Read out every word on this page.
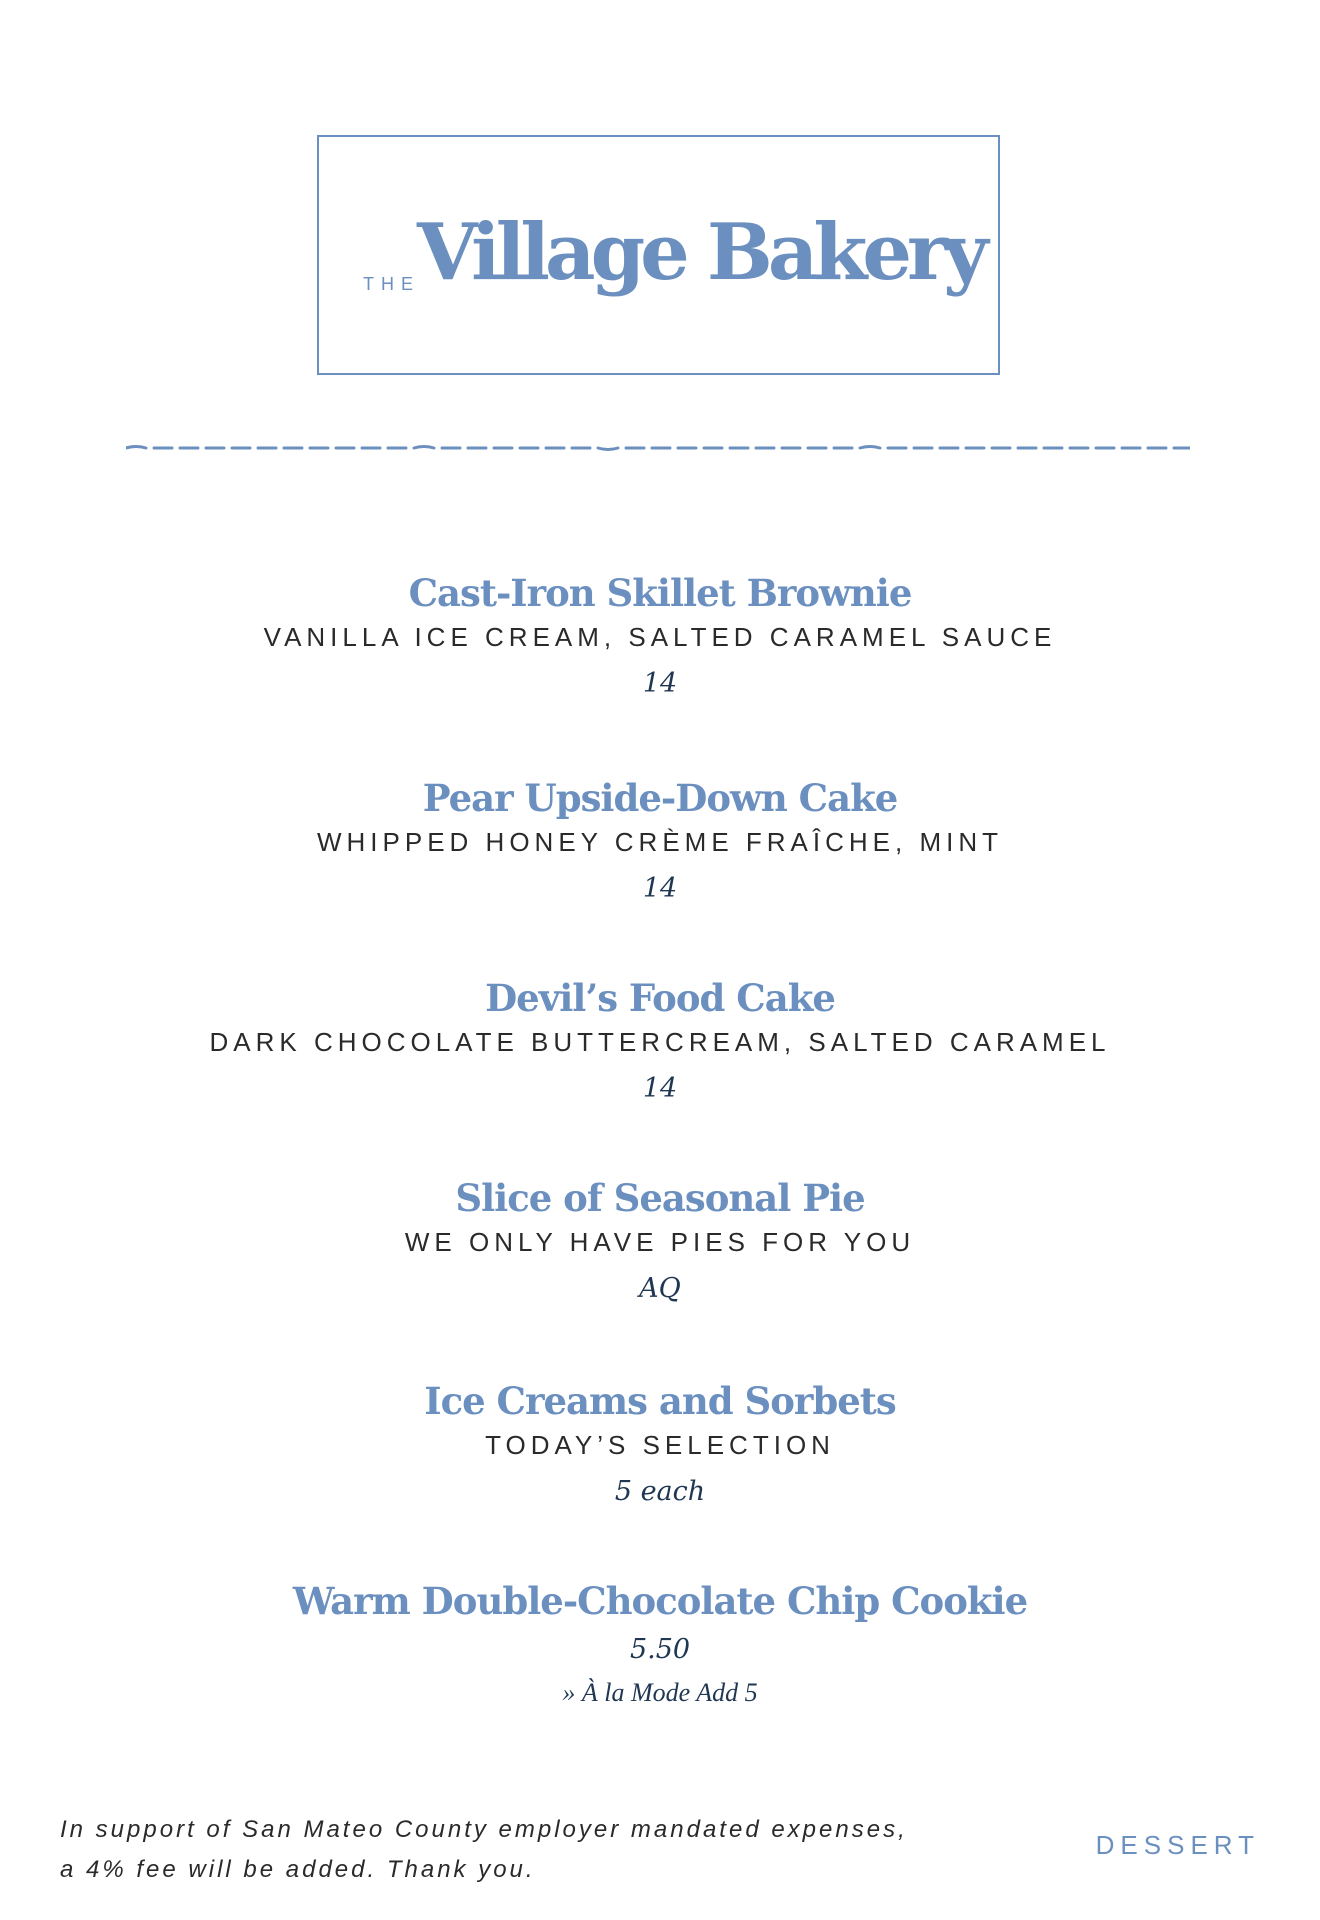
THE
Village Bakery
Cast-Iron Skillet Brownie
VANILLA ICE CREAM, SALTED CARAMEL SAUCE
14
Pear Upside-Down Cake
WHIPPED HONEY CRÈME FRAÎCHE, MINT
14
Devil’s Food Cake
DARK CHOCOLATE BUTTERCREAM, SALTED CARAMEL
14
Slice of Seasonal Pie
WE ONLY HAVE PIES FOR YOU
AQ
Ice Creams and Sorbets
TODAY’S SELECTION
5 each
Warm Double-Chocolate Chip Cookie
5.50
» À la Mode Add 5
In support of San Mateo County employer mandated expenses,
a 4% fee will be added. Thank you.
DESSERT
